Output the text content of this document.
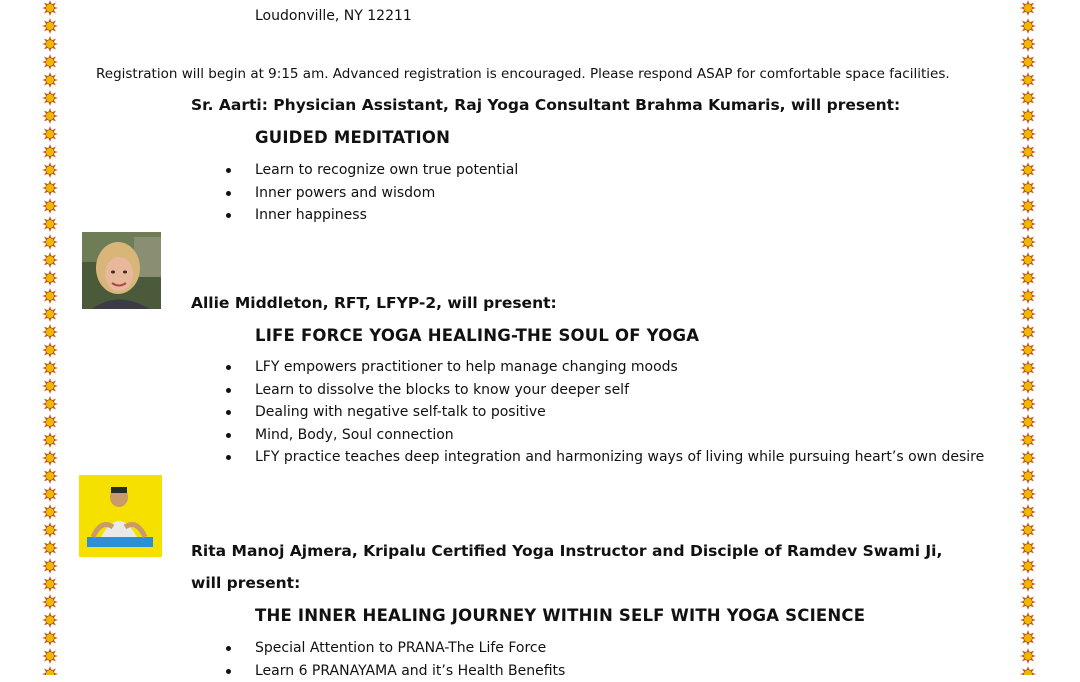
Loudonville, NY 12211
Registration will begin at 9:15 am. Advanced registration is encouraged. Please respond ASAP for comfortable space facilities.
Sr. Aarti: Physician Assistant, Raj Yoga Consultant Brahma Kumaris, will present:
GUIDED MEDITATION
Learn to recognize own true potential
Inner powers and wisdom
Inner happiness
Allie Middleton, RFT, LFYP-2, will present:
LIFE FORCE YOGA HEALING-THE SOUL OF YOGA
LFY empowers practitioner to help manage changing moods
Learn to dissolve the blocks to know your deeper self
Dealing with negative self-talk to positive
Mind, Body, Soul connection
LFY practice teaches deep integration and harmonizing ways of living while pursuing heart’s own desire
Rita Manoj Ajmera, Kripalu Certified Yoga Instructor and Disciple of Ramdev Swami Ji,
will present:
THE INNER HEALING JOURNEY WITHIN SELF WITH YOGA SCIENCE
Special Attention to PRANA-The Life Force
Learn 6 PRANAYAMA and it’s Health Benefits
